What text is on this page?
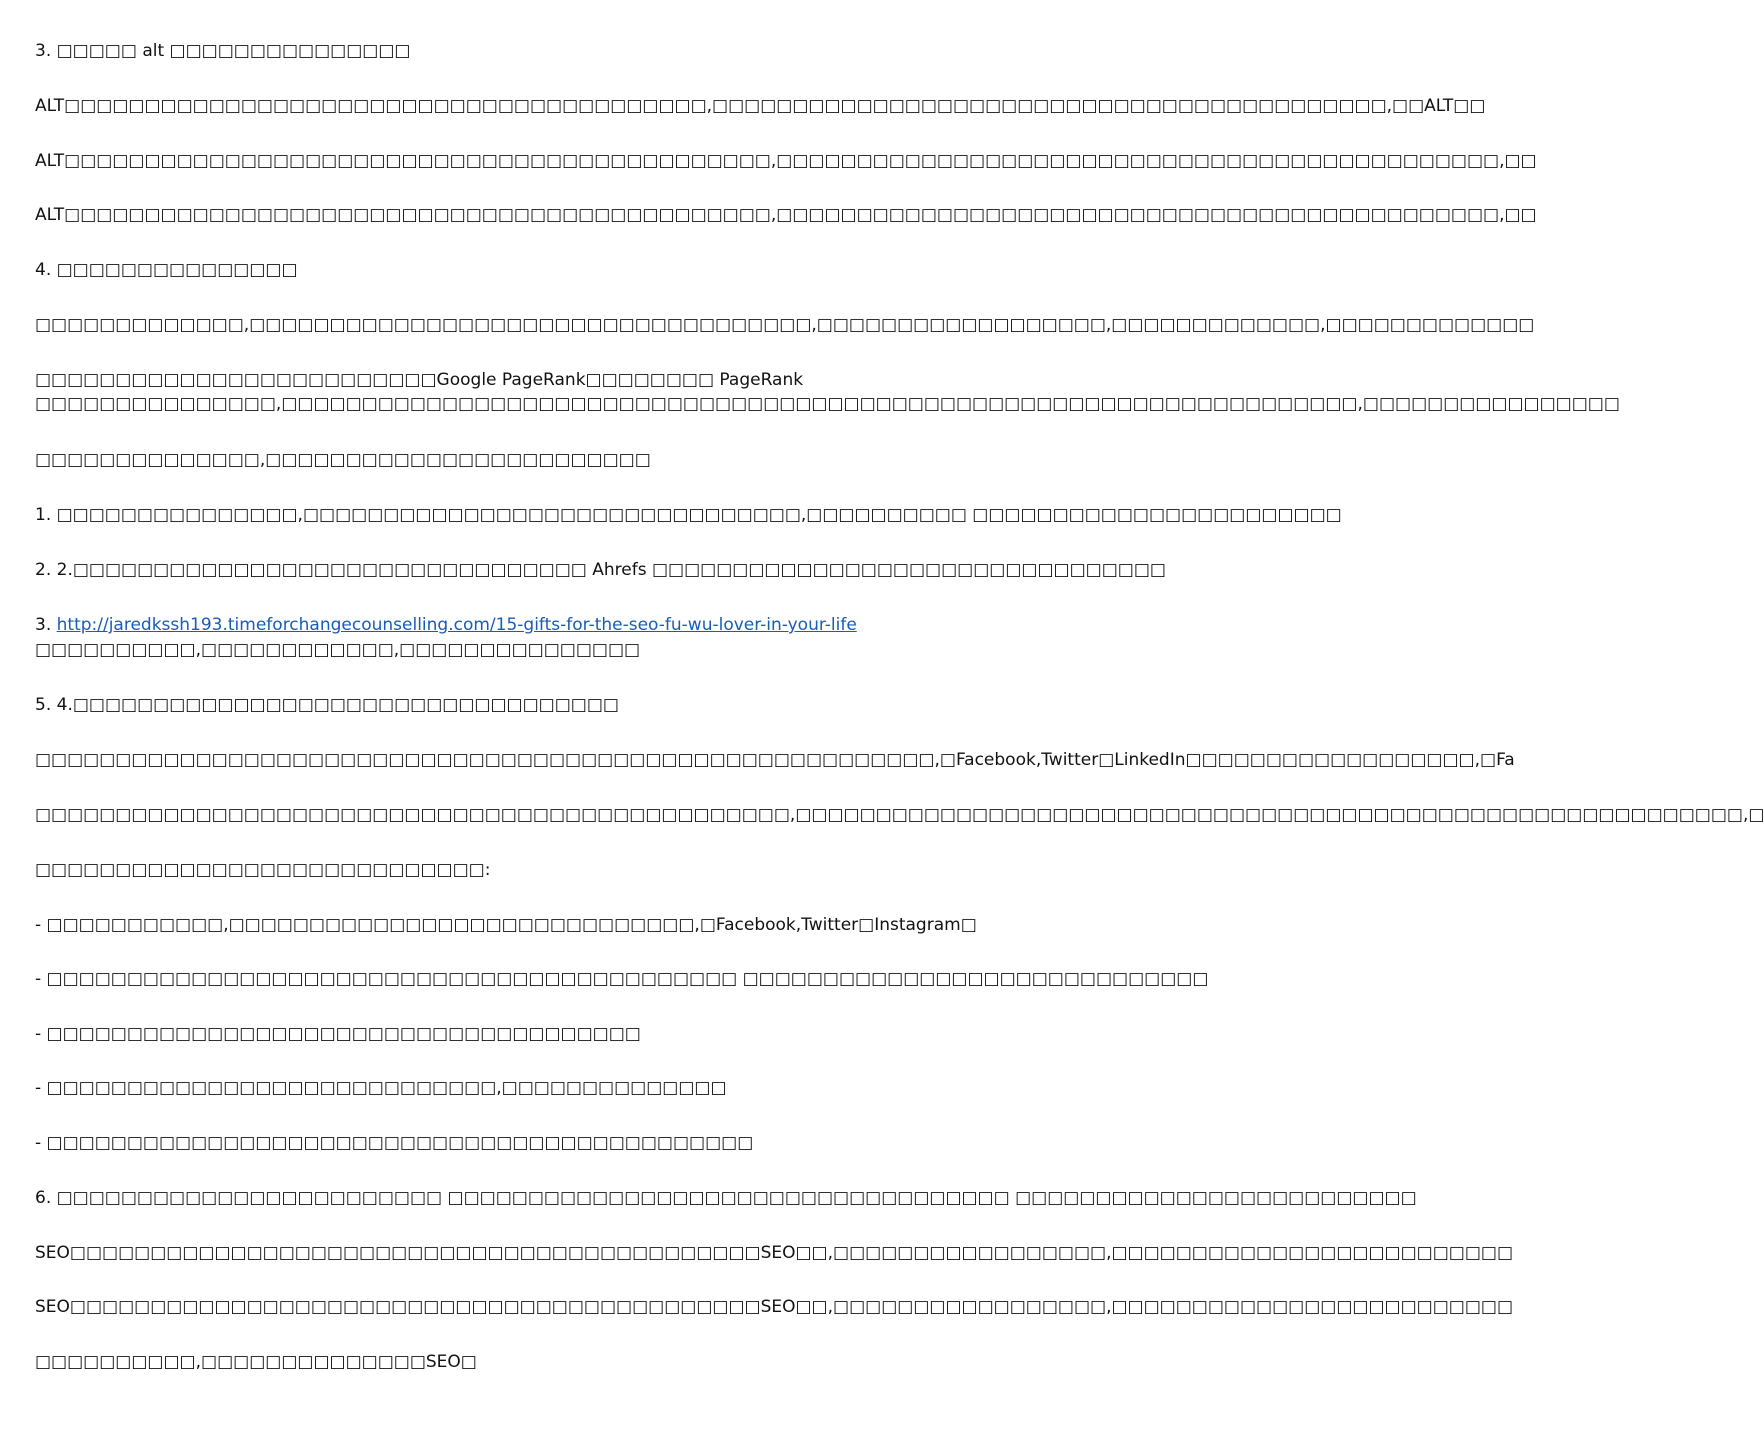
3. □□□□□ alt □□□□□□□□□□□□□□□
ALT□□□□□□□□□□□□□□□□□□□□□□□□□□□□□□□□□□□□□□□□,□□□□□□□□□□□□□□□□□□□□□□□□□□□□□□□□□□□□□□□□□□,□□ALT□□
ALT□□□□□□□□□□□□□□□□□□□□□□□□□□□□□□□□□□□□□□□□□□□□,□□□□□□□□□□□□□□□□□□□□□□□□□□□□□□□□□□□□□□□□□□□□□,□□
ALT□□□□□□□□□□□□□□□□□□□□□□□□□□□□□□□□□□□□□□□□□□□□,□□□□□□□□□□□□□□□□□□□□□□□□□□□□□□□□□□□□□□□□□□□□□,□□
4. □□□□□□□□□□□□□□□
□□□□□□□□□□□□□,□□□□□□□□□□□□□□□□□□□□□□□□□□□□□□□□□□□,□□□□□□□□□□□□□□□□□□,□□□□□□□□□□□□□,□□□□□□□□□□□□□
□□□□□□□□□□□□□□□□□□□□□□□□□Google PageRank□□□□□□□□ PageRank
□□□□□□□□□□□□□□□,□□□□□□□□□□□□□□□□□□□□□□□□□□□□□□□□□□□□□□□□□□□□□□□□□□□□□□□□□□□□□□□□□□□,□□□□□□□□□□□□□□□□
□□□□□□□□□□□□□□,□□□□□□□□□□□□□□□□□□□□□□□□
1. □□□□□□□□□□□□□□□,□□□□□□□□□□□□□□□□□□□□□□□□□□□□□□□,□□□□□□□□□□ □□□□□□□□□□□□□□□□□□□□□□□
2. 2.□□□□□□□□□□□□□□□□□□□□□□□□□□□□□□□□ Ahrefs □□□□□□□□□□□□□□□□□□□□□□□□□□□□□□□□
3. http://jaredkssh193.timeforchangecounselling.com/15-gifts-for-the-seo-fu-wu-lover-in-your-life
□□□□□□□□□□,□□□□□□□□□□□□,□□□□□□□□□□□□□□□
5. 4.□□□□□□□□□□□□□□□□□□□□□□□□□□□□□□□□□□
□□□□□□□□□□□□□□□□□□□□□□□□□□□□□□□□□□□□□□□□□□□□□□□□□□□□□□□□,□Facebook,Twitter□LinkedIn□□□□□□□□□□□□□□□□□□,□Fa
□□□□□□□□□□□□□□□□□□□□□□□□□□□□□□□□□□□□□□□□□□□□□□□,□□□□□□□□□□□□□□□□□□□□□□□□□□□□□□□□□□□□□□□□□□□□□□□□□□□□□□□□□□□,□
□□□□□□□□□□□□□□□□□□□□□□□□□□□□:
- □□□□□□□□□□□,□□□□□□□□□□□□□□□□□□□□□□□□□□□□□,□Facebook,Twitter□Instagram□
- □□□□□□□□□□□□□□□□□□□□□□□□□□□□□□□□□□□□□□□□□□□ □□□□□□□□□□□□□□□□□□□□□□□□□□□□□
- □□□□□□□□□□□□□□□□□□□□□□□□□□□□□□□□□□□□□
- □□□□□□□□□□□□□□□□□□□□□□□□□□□□,□□□□□□□□□□□□□□
- □□□□□□□□□□□□□□□□□□□□□□□□□□□□□□□□□□□□□□□□□□□□
6. □□□□□□□□□□□□□□□□□□□□□□□□ □□□□□□□□□□□□□□□□□□□□□□□□□□□□□□□□□□□ □□□□□□□□□□□□□□□□□□□□□□□□□
SEO□□□□□□□□□□□□□□□□□□□□□□□□□□□□□□□□□□□□□□□□□□□SEO□□,□□□□□□□□□□□□□□□□□,□□□□□□□□□□□□□□□□□□□□□□□□□
SEO□□□□□□□□□□□□□□□□□□□□□□□□□□□□□□□□□□□□□□□□□□□SEO□□,□□□□□□□□□□□□□□□□□,□□□□□□□□□□□□□□□□□□□□□□□□□
□□□□□□□□□□,□□□□□□□□□□□□□□SEO□
